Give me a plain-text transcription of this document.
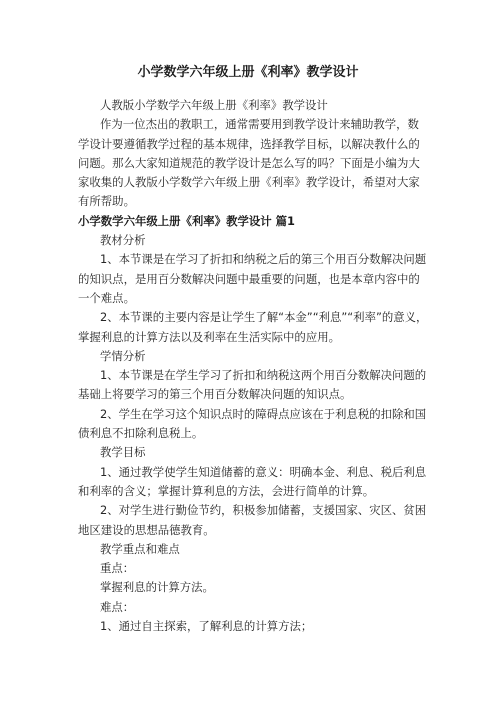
小学数学六年级上册《利率》教学设计

人教版小学数学六年级上册《利率》教学设计

作为一位杰出的教职工，通常需要用到教学设计来辅助教学，数学设计要遵循教学过程的基本规律，选择教学目标，以解决教什么的问题。那么大家知道规范的教学设计是怎么写的吗？下面是小编为大家收集的人教版小学数学六年级上册《利率》教学设计，希望对大家有所帮助。

小学数学六年级上册《利率》教学设计 篇1

教材分析

1、本节课是在学习了折扣和纳税之后的第三个用百分数解决问题的知识点，是用百分数解决问题中最重要的问题，也是本章内容中的一个难点。

2、本节课的主要内容是让学生了解“本金”“利息”“利率”的意义，掌握利息的计算方法以及利率在生活实际中的应用。

学情分析

1、本节课是在学生学习了折扣和纳税这两个用百分数解决问题的基础上将要学习的第三个用百分数解决问题的知识点。

2、学生在学习这个知识点时的障碍点应该在于利息税的扣除和国债利息不扣除利息税上。

教学目标

1、通过教学使学生知道储蓄的意义：明确本金、利息、税后利息和利率的含义；掌握计算利息的方法，会进行简单的计算。

2、对学生进行勤俭节约，积极参加储蓄，支援国家、灾区、贫困地区建设的思想品德教育。

教学重点和难点

重点：

掌握利息的计算方法。

难点：

1、通过自主探索，了解利息的计算方法；
